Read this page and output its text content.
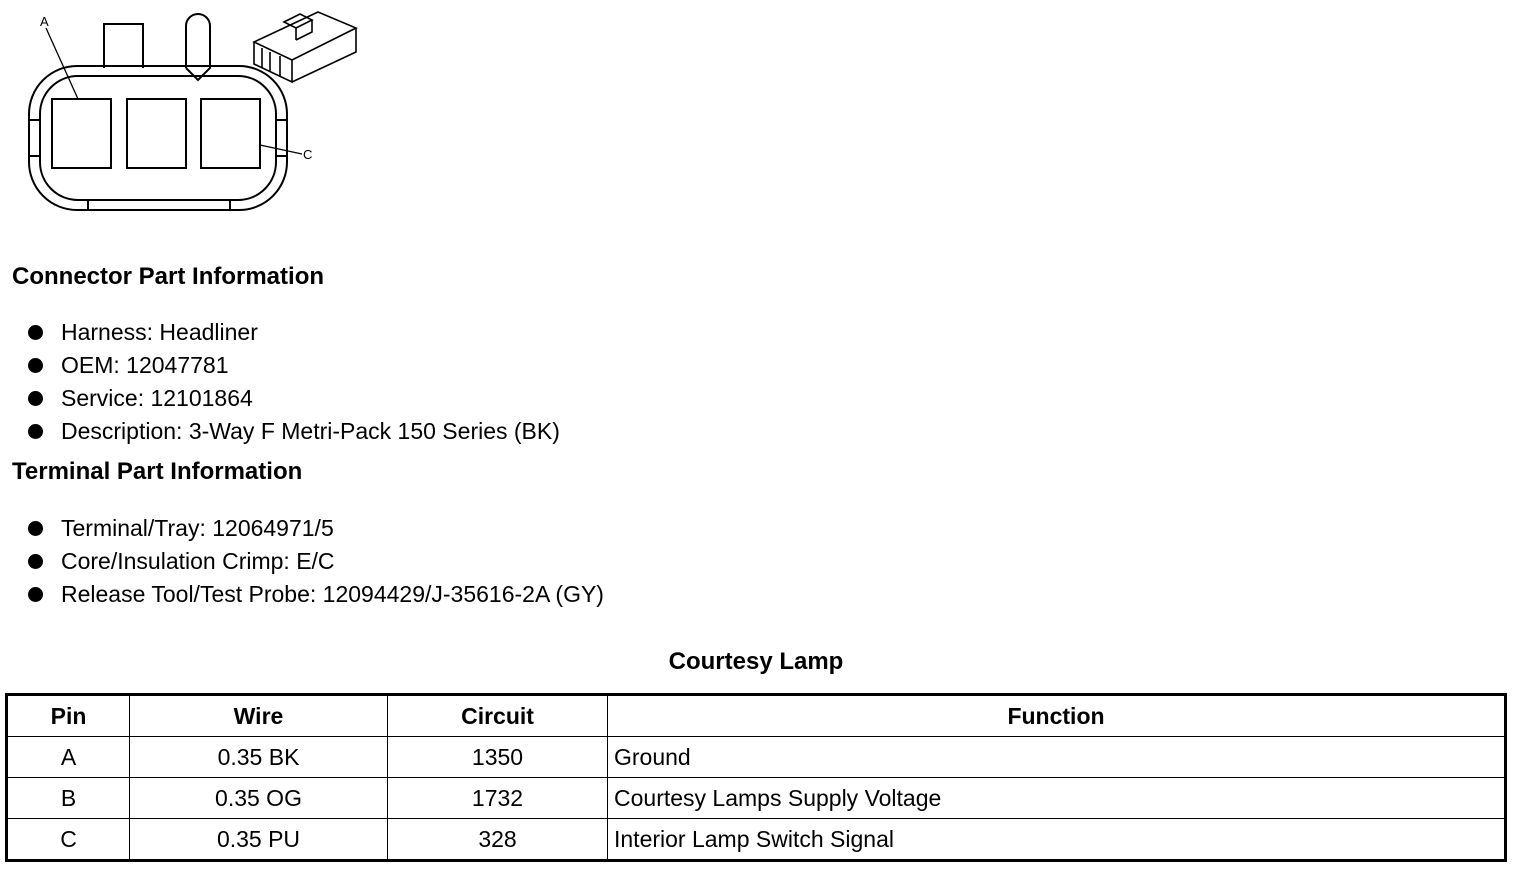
A
C
Connector Part Information
Harness: Headliner
OEM: 12047781
Service: 12101864
Description: 3-Way F Metri-Pack 150 Series (BK)
Terminal Part Information
Terminal/Tray: 12064971/5
Core/Insulation Crimp: E/C
Release Tool/Test Probe: 12094429/J-35616-2A (GY)
Courtesy Lamp
Pin	Wire	Circuit	Function
A	0.35 BK	1350	Ground
B	0.35 OG	1732	Courtesy Lamps Supply Voltage
C	0.35 PU	328	Interior Lamp Switch Signal
